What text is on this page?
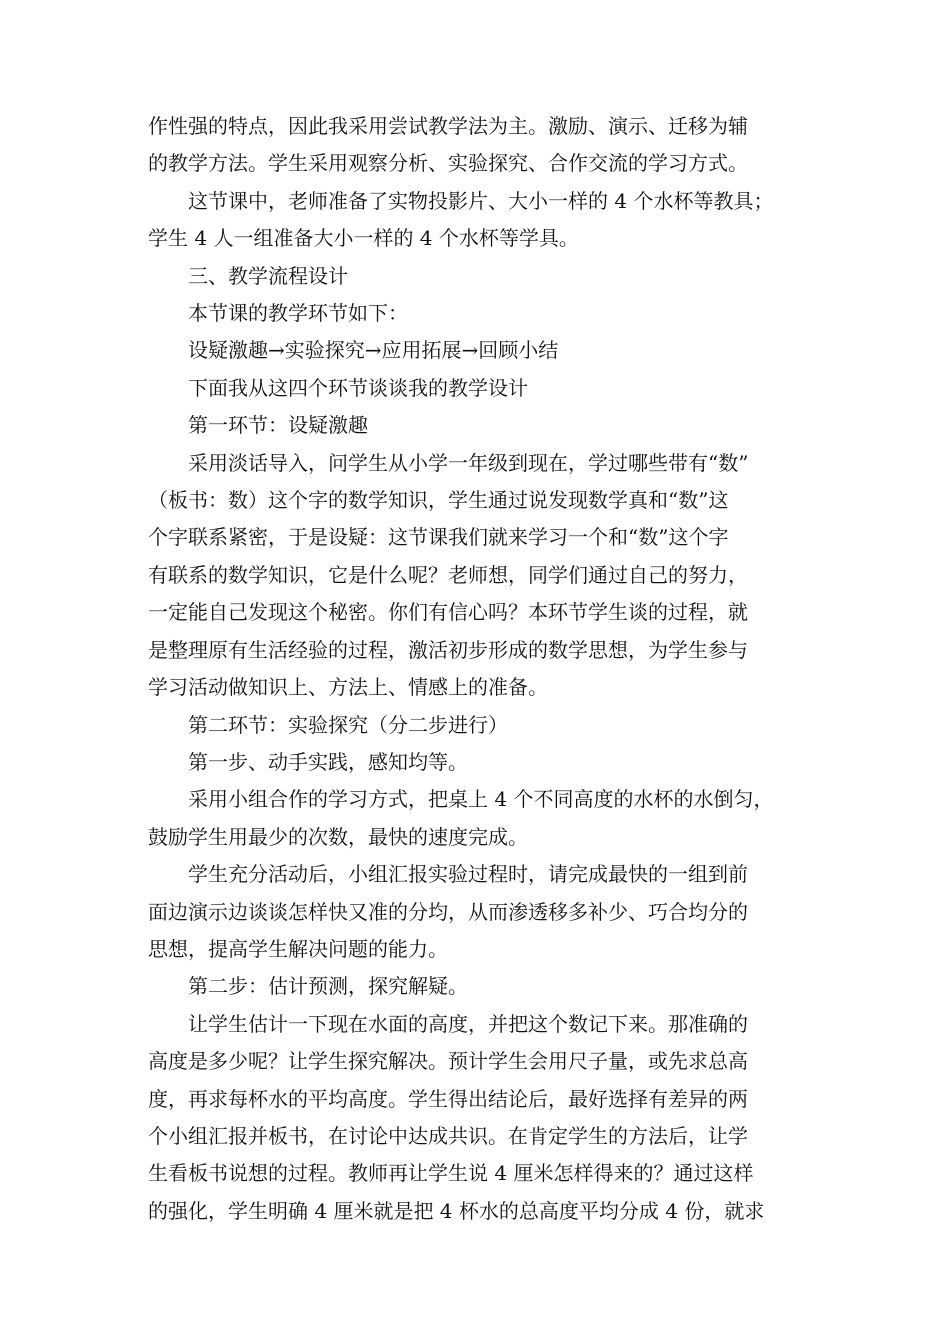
作性强的特点，因此我采用尝试教学法为主。激励、演示、迁移为辅
的教学方法。学生采用观察分析、实验探究、合作交流的学习方式。
这节课中，老师准备了实物投影片、大小一样的 4 个水杯等教具；
学生 4 人一组准备大小一样的 4 个水杯等学具。
三、教学流程设计
本节课的教学环节如下：
设疑激趣→实验探究→应用拓展→回顾小结
下面我从这四个环节谈谈我的教学设计
第一环节：设疑激趣
采用淡话导入，问学生从小学一年级到现在，学过哪些带有“数”
（板书：数）这个字的数学知识，学生通过说发现数学真和“数”这
个字联系紧密，于是设疑：这节课我们就来学习一个和“数”这个字
有联系的数学知识，它是什么呢？老师想，同学们通过自己的努力，
一定能自己发现这个秘密。你们有信心吗？本环节学生谈的过程，就
是整理原有生活经验的过程，激活初步形成的数学思想，为学生参与
学习活动做知识上、方法上、情感上的准备。
第二环节：实验探究（分二步进行）
第一步、动手实践，感知均等。
采用小组合作的学习方式，把桌上 4 个不同高度的水杯的水倒匀，
鼓励学生用最少的次数，最快的速度完成。
学生充分活动后，小组汇报实验过程时，请完成最快的一组到前
面边演示边谈谈怎样快又准的分均，从而渗透移多补少、巧合均分的
思想，提高学生解决问题的能力。
第二步：估计预测，探究解疑。
让学生估计一下现在水面的高度，并把这个数记下来。那准确的
高度是多少呢？让学生探究解决。预计学生会用尺子量，或先求总高
度，再求每杯水的平均高度。学生得出结论后，最好选择有差异的两
个小组汇报并板书，在讨论中达成共识。在肯定学生的方法后，让学
生看板书说想的过程。教师再让学生说 4 厘米怎样得来的？通过这样
的强化，学生明确 4 厘米就是把 4 杯水的总高度平均分成 4 份，就求
